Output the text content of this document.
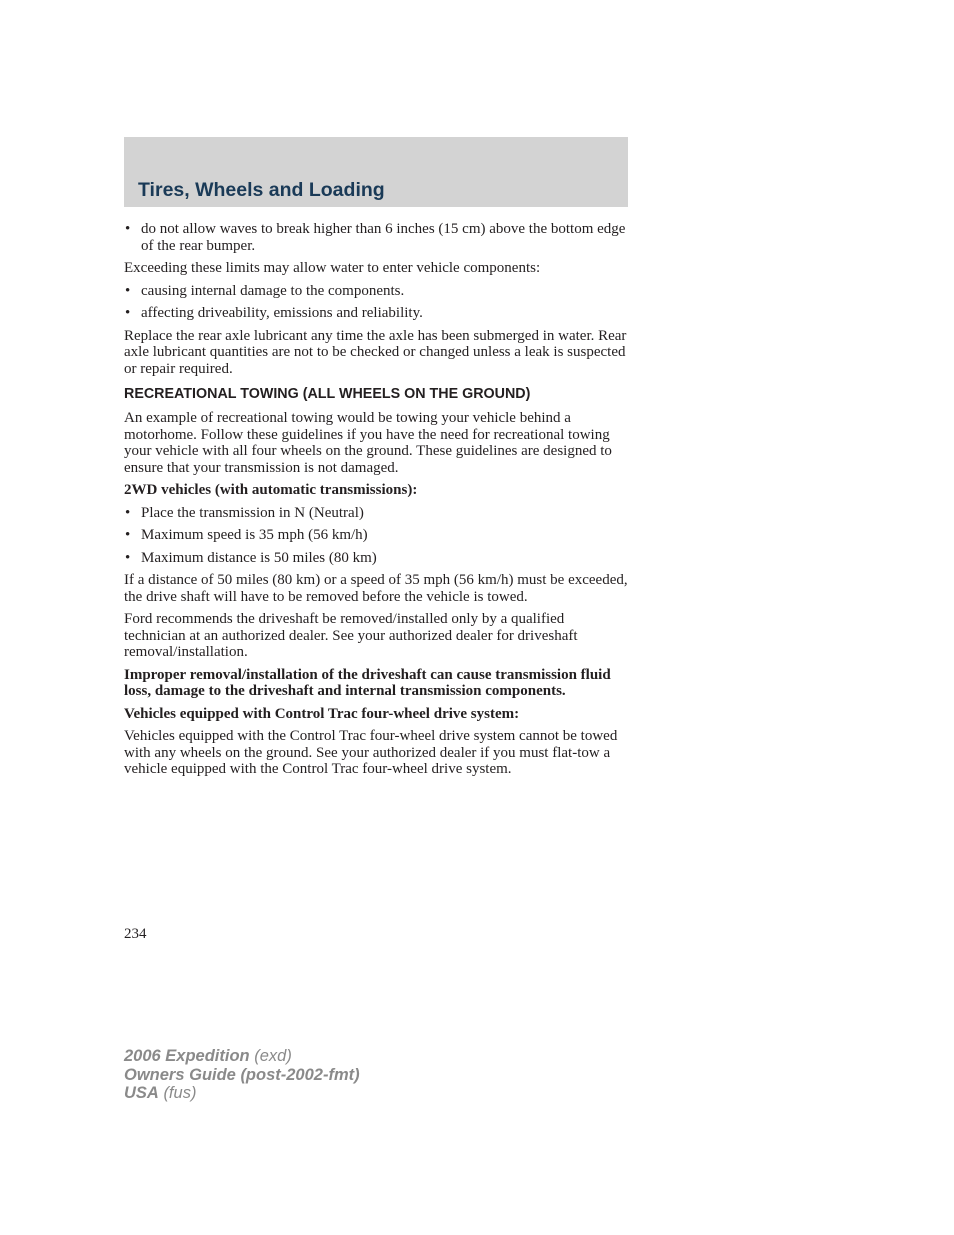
Tires, Wheels and Loading
• do not allow waves to break higher than 6 inches (15 cm) above the bottom edge of the rear bumper.

Exceeding these limits may allow water to enter vehicle components:

• causing internal damage to the components.
• affecting driveability, emissions and reliability.

Replace the rear axle lubricant any time the axle has been submerged in water. Rear axle lubricant quantities are not to be checked or changed unless a leak is suspected or repair required.

RECREATIONAL TOWING (ALL WHEELS ON THE GROUND)

An example of recreational towing would be towing your vehicle behind a motorhome. Follow these guidelines if you have the need for recreational towing your vehicle with all four wheels on the ground. These guidelines are designed to ensure that your transmission is not damaged.

2WD vehicles (with automatic transmissions):

• Place the transmission in N (Neutral)
• Maximum speed is 35 mph (56 km/h)
• Maximum distance is 50 miles (80 km)

If a distance of 50 miles (80 km) or a speed of 35 mph (56 km/h) must be exceeded, the drive shaft will have to be removed before the vehicle is towed.

Ford recommends the driveshaft be removed/installed only by a qualified technician at an authorized dealer. See your authorized dealer for driveshaft removal/installation.

Improper removal/installation of the driveshaft can cause transmission fluid loss, damage to the driveshaft and internal transmission components.

Vehicles equipped with Control Trac four-wheel drive system:

Vehicles equipped with the Control Trac four-wheel drive system cannot be towed with any wheels on the ground. See your authorized dealer if you must flat-tow a vehicle equipped with the Control Trac four-wheel drive system.

234

2006 Expedition (exd)
Owners Guide (post-2002-fmt)
USA (fus)
